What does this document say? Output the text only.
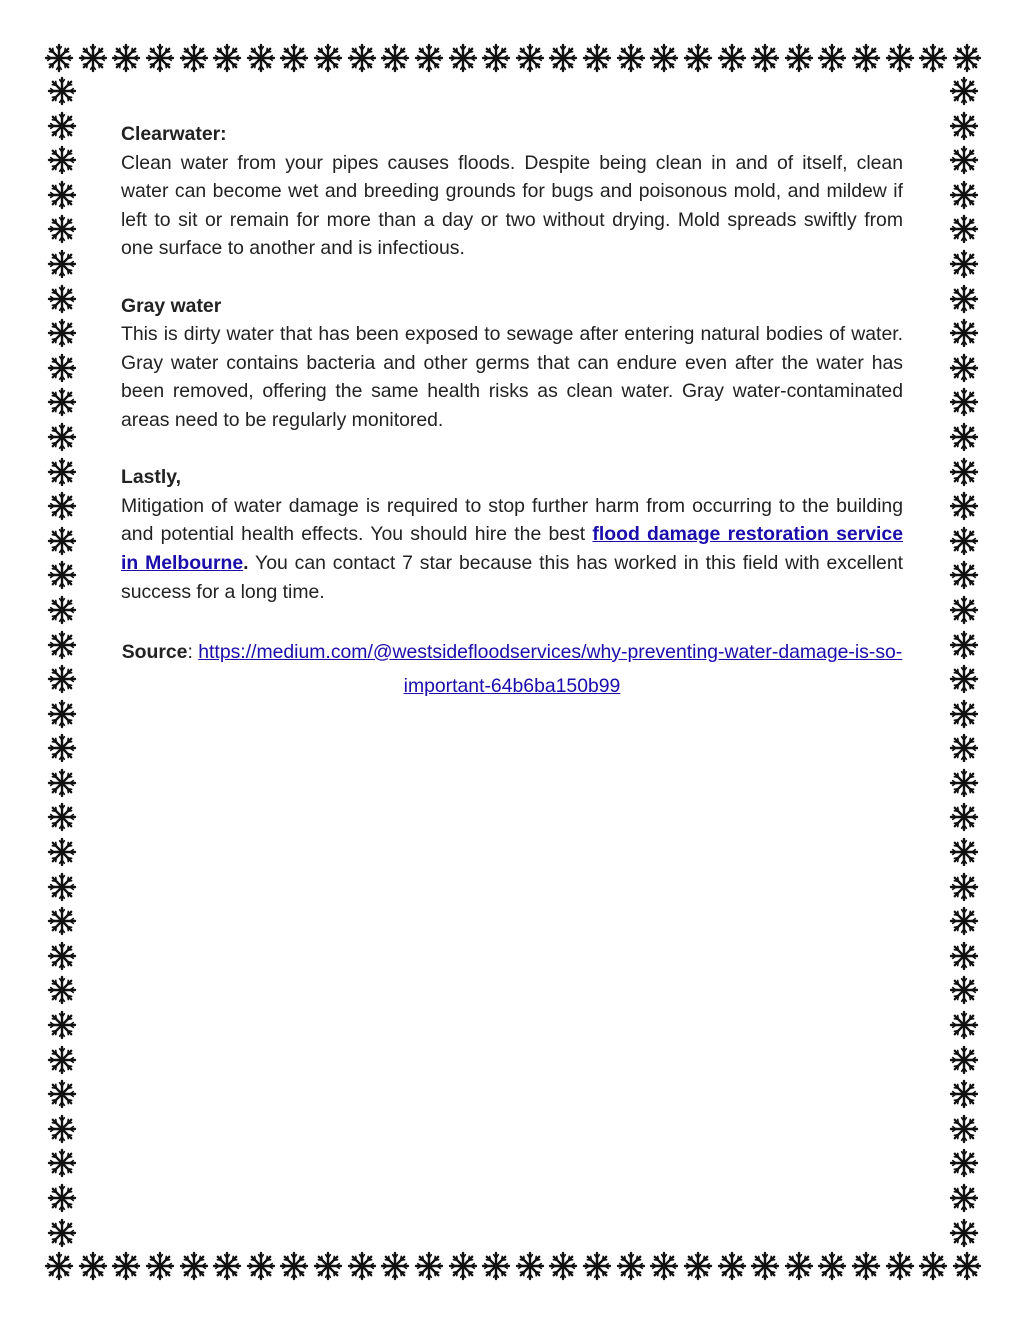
Clearwater:

Clean water from your pipes causes floods. Despite being clean in and of itself, clean water can become wet and breeding grounds for bugs and poisonous mold, and mildew if left to sit or remain for more than a day or two without drying. Mold spreads swiftly from one surface to another and is infectious.

Gray water

This is dirty water that has been exposed to sewage after entering natural bodies of water. Gray water contains bacteria and other germs that can endure even after the water has been removed, offering the same health risks as clean water. Gray water-contaminated areas need to be regularly monitored.

Lastly,

Mitigation of water damage is required to stop further harm from occurring to the building and potential health effects. You should hire the best flood damage restoration service in Melbourne. You can contact 7 star because this has worked in this field with excellent success for a long time.

Source: https://medium.com/@westsidefloodservices/why-preventing-water-damage-is-so-important-64b6ba150b99
